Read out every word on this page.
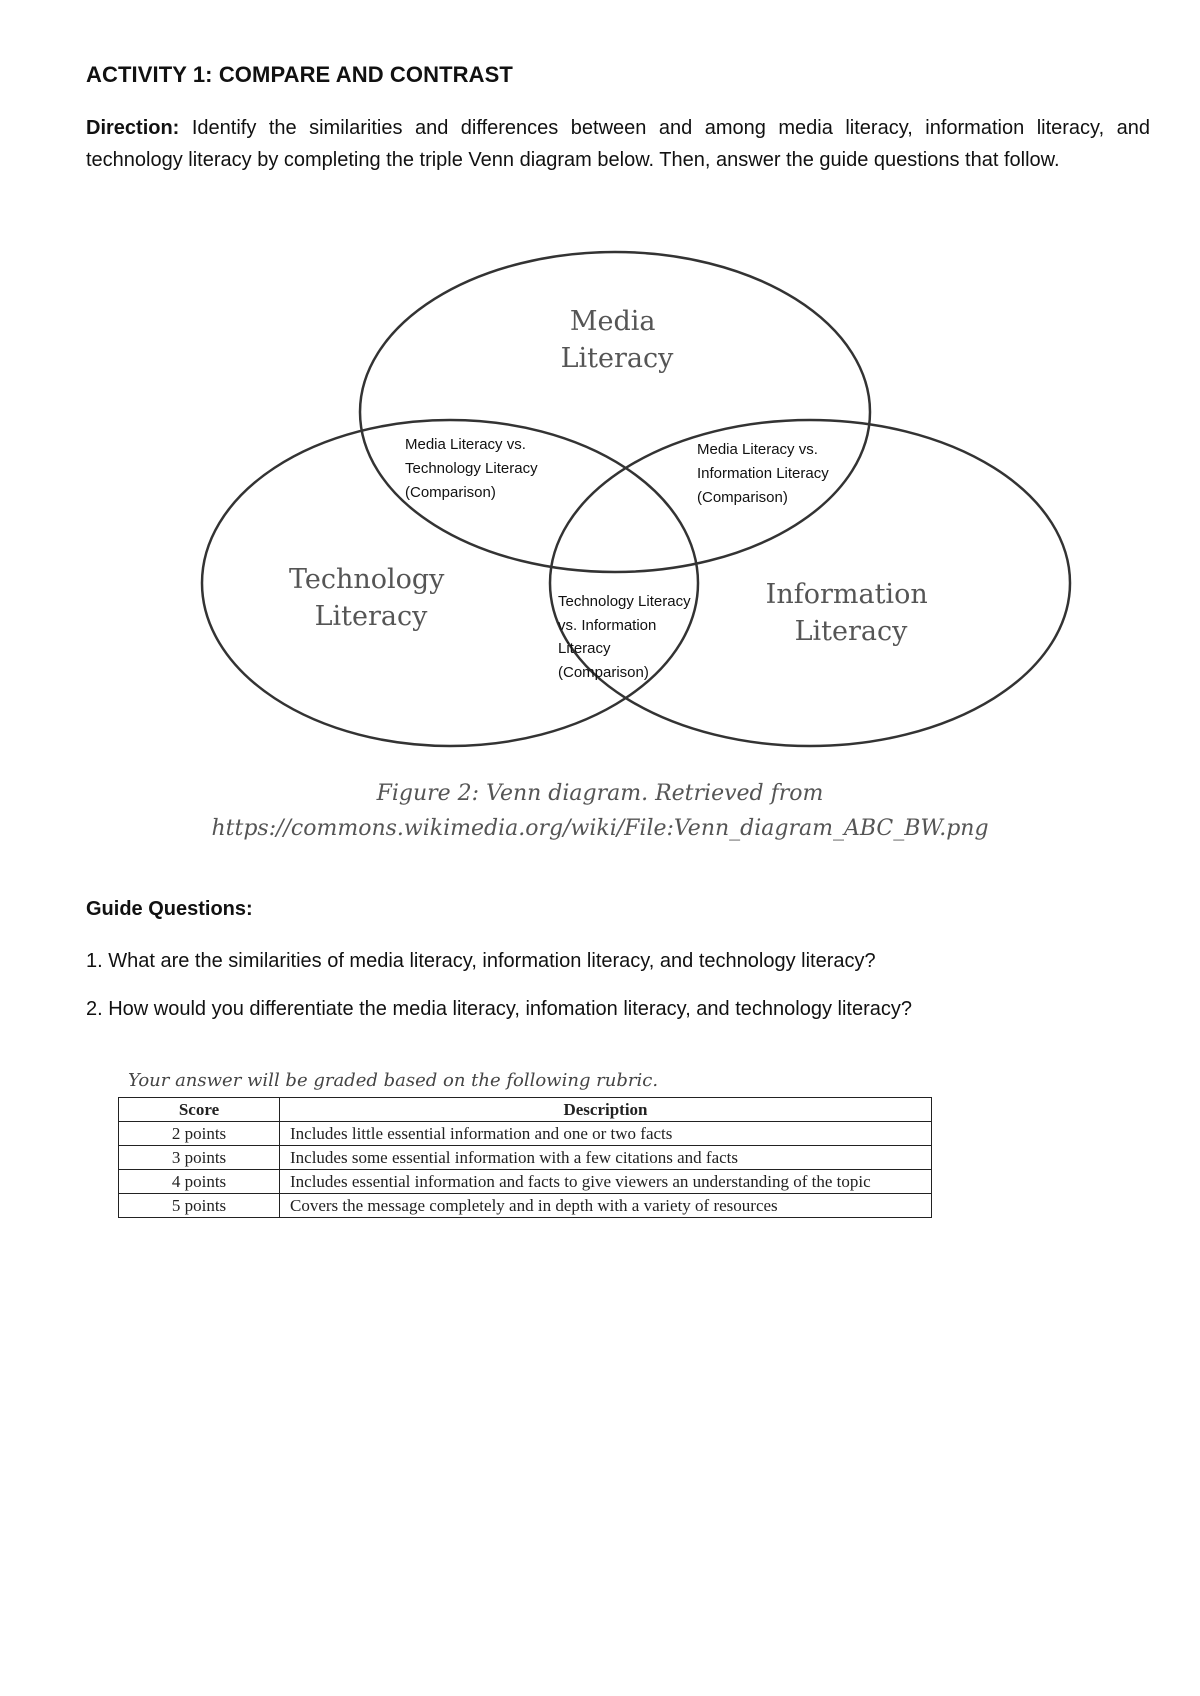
ACTIVITY 1: COMPARE AND CONTRAST
Direction: Identify the similarities and differences between and among media literacy, information literacy, and technology literacy by completing the triple Venn diagram below. Then, answer the guide questions that follow.
Media Literacy
Technology Literacy
Information Literacy
Media Literacy vs. Technology Literacy (Comparison)
Media Literacy vs. Information Literacy (Comparison)
Technology Literacy vs. Information Literacy (Comparison)
Figure 2: Venn diagram. Retrieved from
https://commons.wikimedia.org/wiki/File:Venn_diagram_ABC_BW.png
Guide Questions:
1. What are the similarities of media literacy, information literacy, and technology literacy?
2. How would you differentiate the media literacy, infomation literacy, and technology literacy?
Your answer will be graded based on the following rubric.
Score	Description
2 points	Includes little essential information and one or two facts
3 points	Includes some essential information with a few citations and facts
4 points	Includes essential information and facts to give viewers an understanding of the topic
5 points	Covers the message completely and in depth with a variety of resources
